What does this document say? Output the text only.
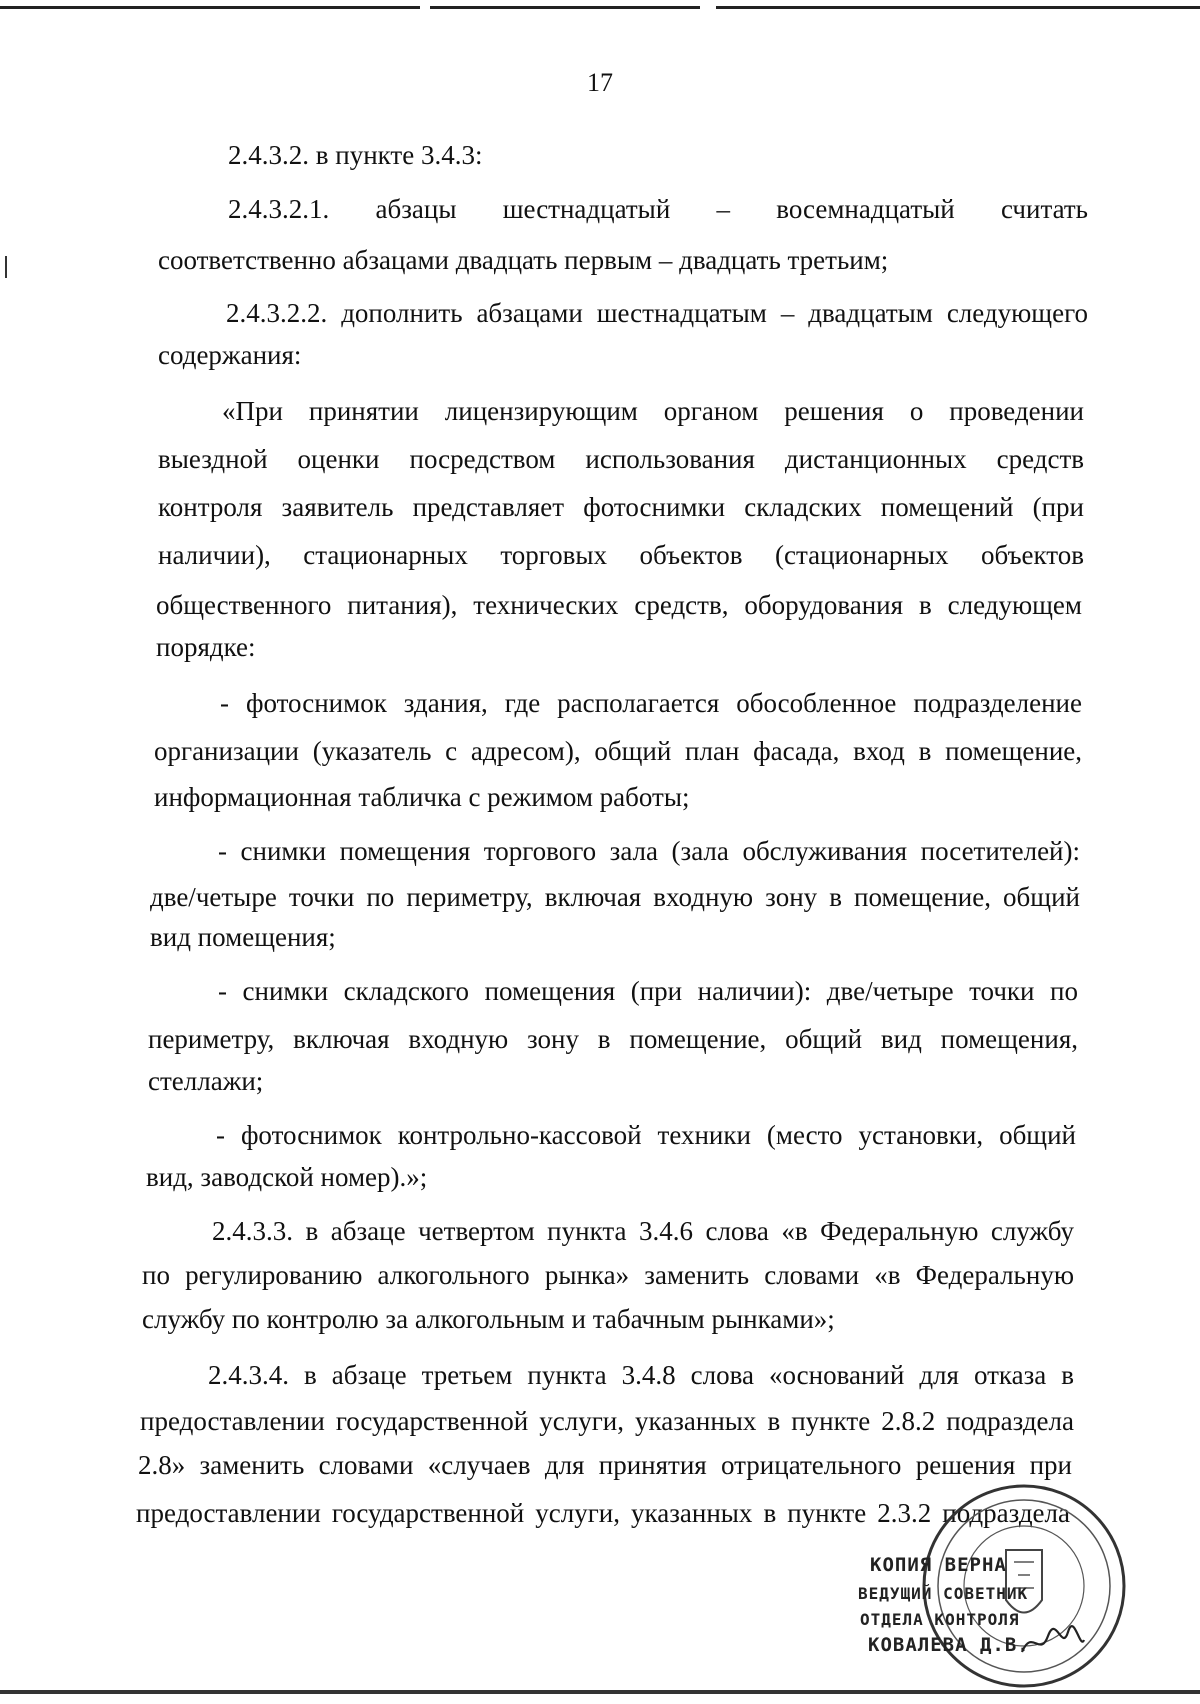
17
2.4.3.2. в пункте 3.4.3:
2.4.3.2.1. абзацы шестнадцатый – восемнадцатый считать
соответственно абзацами двадцать первым – двадцать третьим;
2.4.3.2.2. дополнить абзацами шестнадцатым – двадцатым следующего
содержания:
«При принятии лицензирующим органом решения о проведении
выездной оценки посредством использования дистанционных средств
контроля заявитель представляет фотоснимки складских помещений (при
наличии), стационарных торговых объектов (стационарных объектов
общественного питания), технических средств, оборудования в следующем
порядке:
- фотоснимок здания, где располагается обособленное подразделение
организации (указатель с адресом), общий план фасада, вход в помещение,
информационная табличка с режимом работы;
- снимки помещения торгового зала (зала обслуживания посетителей):
две/четыре точки по периметру, включая входную зону в помещение, общий
вид помещения;
- снимки складского помещения (при наличии): две/четыре точки по
периметру, включая входную зону в помещение, общий вид помещения,
стеллажи;
- фотоснимок контрольно-кассовой техники (место установки, общий
вид, заводской номер).»;
2.4.3.3. в абзаце четвертом пункта 3.4.6 слова «в Федеральную службу
по регулированию алкогольного рынка» заменить словами «в Федеральную
службу по контролю за алкогольным и табачным рынками»;
2.4.3.4. в абзаце третьем пункта 3.4.8 слова «оснований для отказа в
предоставлении государственной услуги, указанных в пункте 2.8.2 подраздела
2.8» заменить словами «случаев для принятия отрицательного решения при
предоставлении государственной услуги, указанных в пункте 2.3.2 подраздела
КОПИЯ ВЕРНА
ВЕДУЩИЙ СОВЕТНИК
ОТДЕЛА КОНТРОЛЯ
КОВАЛЕВА Д.В.
